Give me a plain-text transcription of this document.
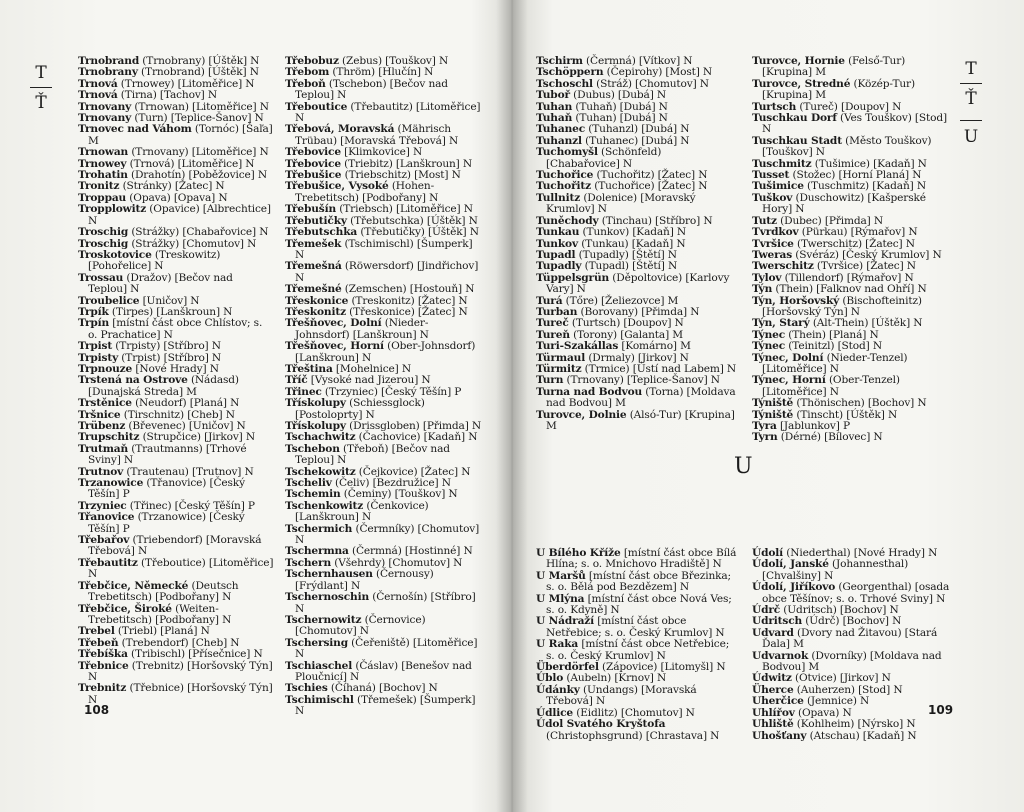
T
Ť

Trnobrand (Trnobrany) [Úštěk] N

Trnobrany (Trnobrand) [Úštěk] N

Trnová (Trnowey) [Litoměřice] N

Trnová (Tirna) [Tachov] N

Trnovany (Trnowan) [Litoměřice] N

Trnovany (Turn) [Teplice-Šanov] N

Trnovec nad Váhom (Tornóc) [Šaľa] M

Trnowan (Trnovany) [Litoměřice] N

Trnowey (Trnová) [Litoměřice] N

Trohatin (Drahotín) [Poběžovice] N

Tronitz (Stránky) [Žatec] N

Troppau (Opava) [Opava] N

Tropplowitz (Opavice) [Albrechtice] N

Troschig (Strážky) [Chabařovice] N

Troschig (Strážky) [Chomutov] N

Troskotovice (Treskowitz) [Pohořelice] N

Trossau (Dražov) [Bečov nad Teplou] N

Troubelice [Uničov] N

Trpík (Tirpes) [Lanškroun] N

Trpín [místní část obce Chlístov; s. o. Prachatice] N

Trpist (Trpisty) [Stříbro] N

Trpisty (Trpist) [Stříbro] N

Trpnouze [Nové Hrady] N

Trstená na Ostrove (Nádasd) [Dunajská Streda] M

Trstěnice (Neudorf) [Planá] N

Tršnice (Tirschnitz) [Cheb] N

Trübenz (Břevenec) [Uničov] N

Trupschitz (Strupčice) [Jirkov] N

Trutmaň (Trautmanns) [Trhové Sviny] N

Trutnov (Trautenau) [Trutnov] N

Trzanowice (Třanovice) [Český Těšín] P

Trzyniec (Třinec) [Český Těšín] P

Třanovice (Trzanowice) [Český Těšín] P

Třebařov (Triebendorf) [Moravská Třebová] N

Třebautitz (Třeboutice) [Litoměřice] N

Třebčice, Německé (Deutsch Trebetitsch) [Podbořany] N

Třebčice, Široké (Weiten-Trebetitsch) [Podbořany] N

Trebel (Triebl) [Planá] N

Třebeň (Trebendorf) [Cheb] N

Třebíška (Tribischl) [Přísečnice] N

Třebnice (Trebnitz) [Horšovský Týn] N

Trebnitz (Třebnice) [Horšovský Týn] N

Třebobuz (Zebus) [Touškov] N

Třebom (Thröm) [Hlučín] N

Třeboň (Tschebon) [Bečov nad Teplou] N

Třeboutice (Třebautitz) [Litoměřice] N

Třebová, Moravská (Mährisch Trübau) [Moravská Třebová] N

Třebovice [Klimkovice] N

Třebovice (Triebitz) [Lanškroun] N

Třebušice (Triebschitz) [Most] N

Třebušice, Vysoké (Hohen-Trebetitsch) [Podbořany] N

Třebušín (Triebsch) [Litoměřice] N

Třebutičky (Třebutschka) [Úštěk] N

Třebutschka (Třebutičky) [Úštěk] N

Třemešek (Tschimischl) [Šumperk] N

Třemešná (Röwersdorf) [Jindřichov] N

Třemešné (Zemschen) [Hostouň] N

Třeskonice (Treskonitz) [Žatec] N

Třeskonitz (Třeskonice) [Žatec] N

Třešňovec, Dolní (Nieder-Johnsdorf) [Lanškroun] N

Třešňovec, Horní (Ober-Johnsdorf) [Lanškroun] N

Třeština [Mohelnice] N

Tříč [Vysoké nad Jizerou] N

Třinec (Trzyniec) [Český Těšín] P

Třískolupy (Schiessglock) [Postoloprty] N

Třískolupy (Drissgloben) [Přimda] N

Tschachwitz (Čachovice) [Kadaň] N

Tschebon (Třeboň) [Bečov nad Teplou] N

Tschekowitz (Čejkovice) [Žatec] N

Tscheliv (Čeliv) [Bezdružice] N

Tschemin (Čeminy) [Touškov] N

Tschenkowitz (Čenkovice) [Lanškroun] N

Tschermich (Čermníky) [Chomutov] N

Tschermna (Čermná) [Hostinné] N

Tschern (Všehrdy) [Chomutov] N

Tschernhausen (Černousy) [Frýdlant] N

Tschernoschin (Černošín) [Stříbro] N

Tschernowitz (Černovice) [Chomutov] N

Tschersing (Čeřeniště) [Litoměřice] N

Tschiaschel (Čáslav) [Benešov nad Ploučnicí] N

Tschies (Číhaná) [Bochov] N

Tschimischl (Třemešek) [Šumperk] N

108

Tschirm (Čermná) [Vítkov] N

Tschöppern (Čepirohy) [Most] N

Tschoschl (Stráž) [Chomutov] N

Tuboř (Dubus) [Dubá] N

Tuhan (Tuhaň) [Dubá] N

Tuhaň (Tuhan) [Dubá] N

Tuhanec (Tuhanzl) [Dubá] N

Tuhanzl (Tuhanec) [Dubá] N

Tuchomyšl (Schönfeld) [Chabařovice] N

Tuchořice (Tuchořitz) [Žatec] N

Tuchořitz (Tuchořice) [Žatec] N

Tullnitz (Dolenice) [Moravský Krumlov] N

Tuněchody (Tinchau) [Stříbro] N

Tunkau (Tunkov) [Kadaň] N

Tunkov (Tunkau) [Kadaň] N

Tupadl (Tupadly) [Štětí] N

Tupadly (Tupadl) [Štětí] N

Tüppelsgrün (Děpoltovice) [Karlovy Vary] N

Turá (Tőre) [Želiezovce] M

Turban (Borovany) [Přimda] N

Tureč (Turtsch) [Doupov] N

Tureň (Torony) [Galanta] M

Turi-Szakállas [Komárno] M

Türmaul (Drmaly) [Jirkov] N

Türmitz (Trmice) [Ústí nad Labem] N

Turn (Trnovany) [Teplice-Šanov] N

Turna nad Bodvou (Torna) [Moldava nad Bodvou] M

Turovce, Dolnie (Alsó-Tur) [Krupina] M

Turovce, Hornie (Felső-Tur) [Krupina] M

Turovce, Stredné (Közép-Tur) [Krupina] M

Turtsch (Tureč) [Doupov] N

Tuschkau Dorf (Ves Touškov) [Stod] N

Tuschkau Stadt (Město Touškov) [Touškov] N

Tuschmitz (Tušimice) [Kadaň] N

Tusset (Stožec) [Horní Planá] N

Tušimice (Tuschmitz) [Kadaň] N

Tuškov (Duschowitz) [Kašperské Hory] N

Tutz (Dubec) [Přimda] N

Tvrdkov (Pürkau) [Rýmařov] N

Tvršice (Twerschitz) [Žatec] N

Tweras (Svéráz) [Český Krumlov] N

Twerschitz (Tvršice) [Žatec] N

Tylov (Tillendorf) [Rýmařov] N

Týn (Thein) [Falknov nad Ohří] N

Týn, Horšovský (Bischofteinitz) [Horšovský Týn] N

Týn, Starý (Alt-Thein) [Úštěk] N

Týnec (Thein) [Planá] N

Týnec (Teinitzl) [Stod] N

Týnec, Dolní (Nieder-Tenzel) [Litoměřice] N

Týnec, Horní (Ober-Tenzel) [Litoměřice] N

Týniště (Thönischen) [Bochov] N

Týniště (Tinscht) [Úštěk] N

Tyra [Jablunkov] P

Tyrn (Dérné) [Bílovec] N

U

U Bílého Kříže [místní část obce Bílá Hlína; s. o. Mnichovo Hradiště] N

U Maršů [místní část obce Březinka; s. o. Bělá pod Bezdězem] N

U Mlýna [místní část obce Nová Ves; s. o. Kdyně] N

U Nádraží [místní část obce Netřebice; s. o. Český Krumlov] N

U Raka [místní část obce Netřebice; s. o. Český Krumlov] N

Überdörfel (Zápovice) [Litomyšl] N

Úblo (Aubeln) [Krnov] N

Údánky (Undangs) [Moravská Třebová] N

Údlice (Eidlitz) [Chomutov] N

Údol Svatého Kryštofa (Christophsgrund) [Chrastava] N

Údolí (Niederthal) [Nové Hrady] N

Údolí, Janské (Johannesthal) [Chvalšiny] N

Údolí, Jiříkovo (Georgenthal) [osada obce Těšínov; s. o. Trhové Sviny] N

Údrč (Udritsch) [Bochov] N

Udritsch (Údrč) [Bochov] N

Udvard (Dvory nad Žitavou) [Stará Ďala] M

Udvarnok (Dvorníky) [Moldava nad Bodvou] M

Údwitz (Otvice) [Jirkov] N

Üherce (Auherzen) [Stod] N

Uherčice (Jemnice) N

Uhlířov (Opava) N

Uhliště (Kohlheim) [Nýrsko] N

Uhošťany (Atschau) [Kadaň] N

T
Ť
U
109
